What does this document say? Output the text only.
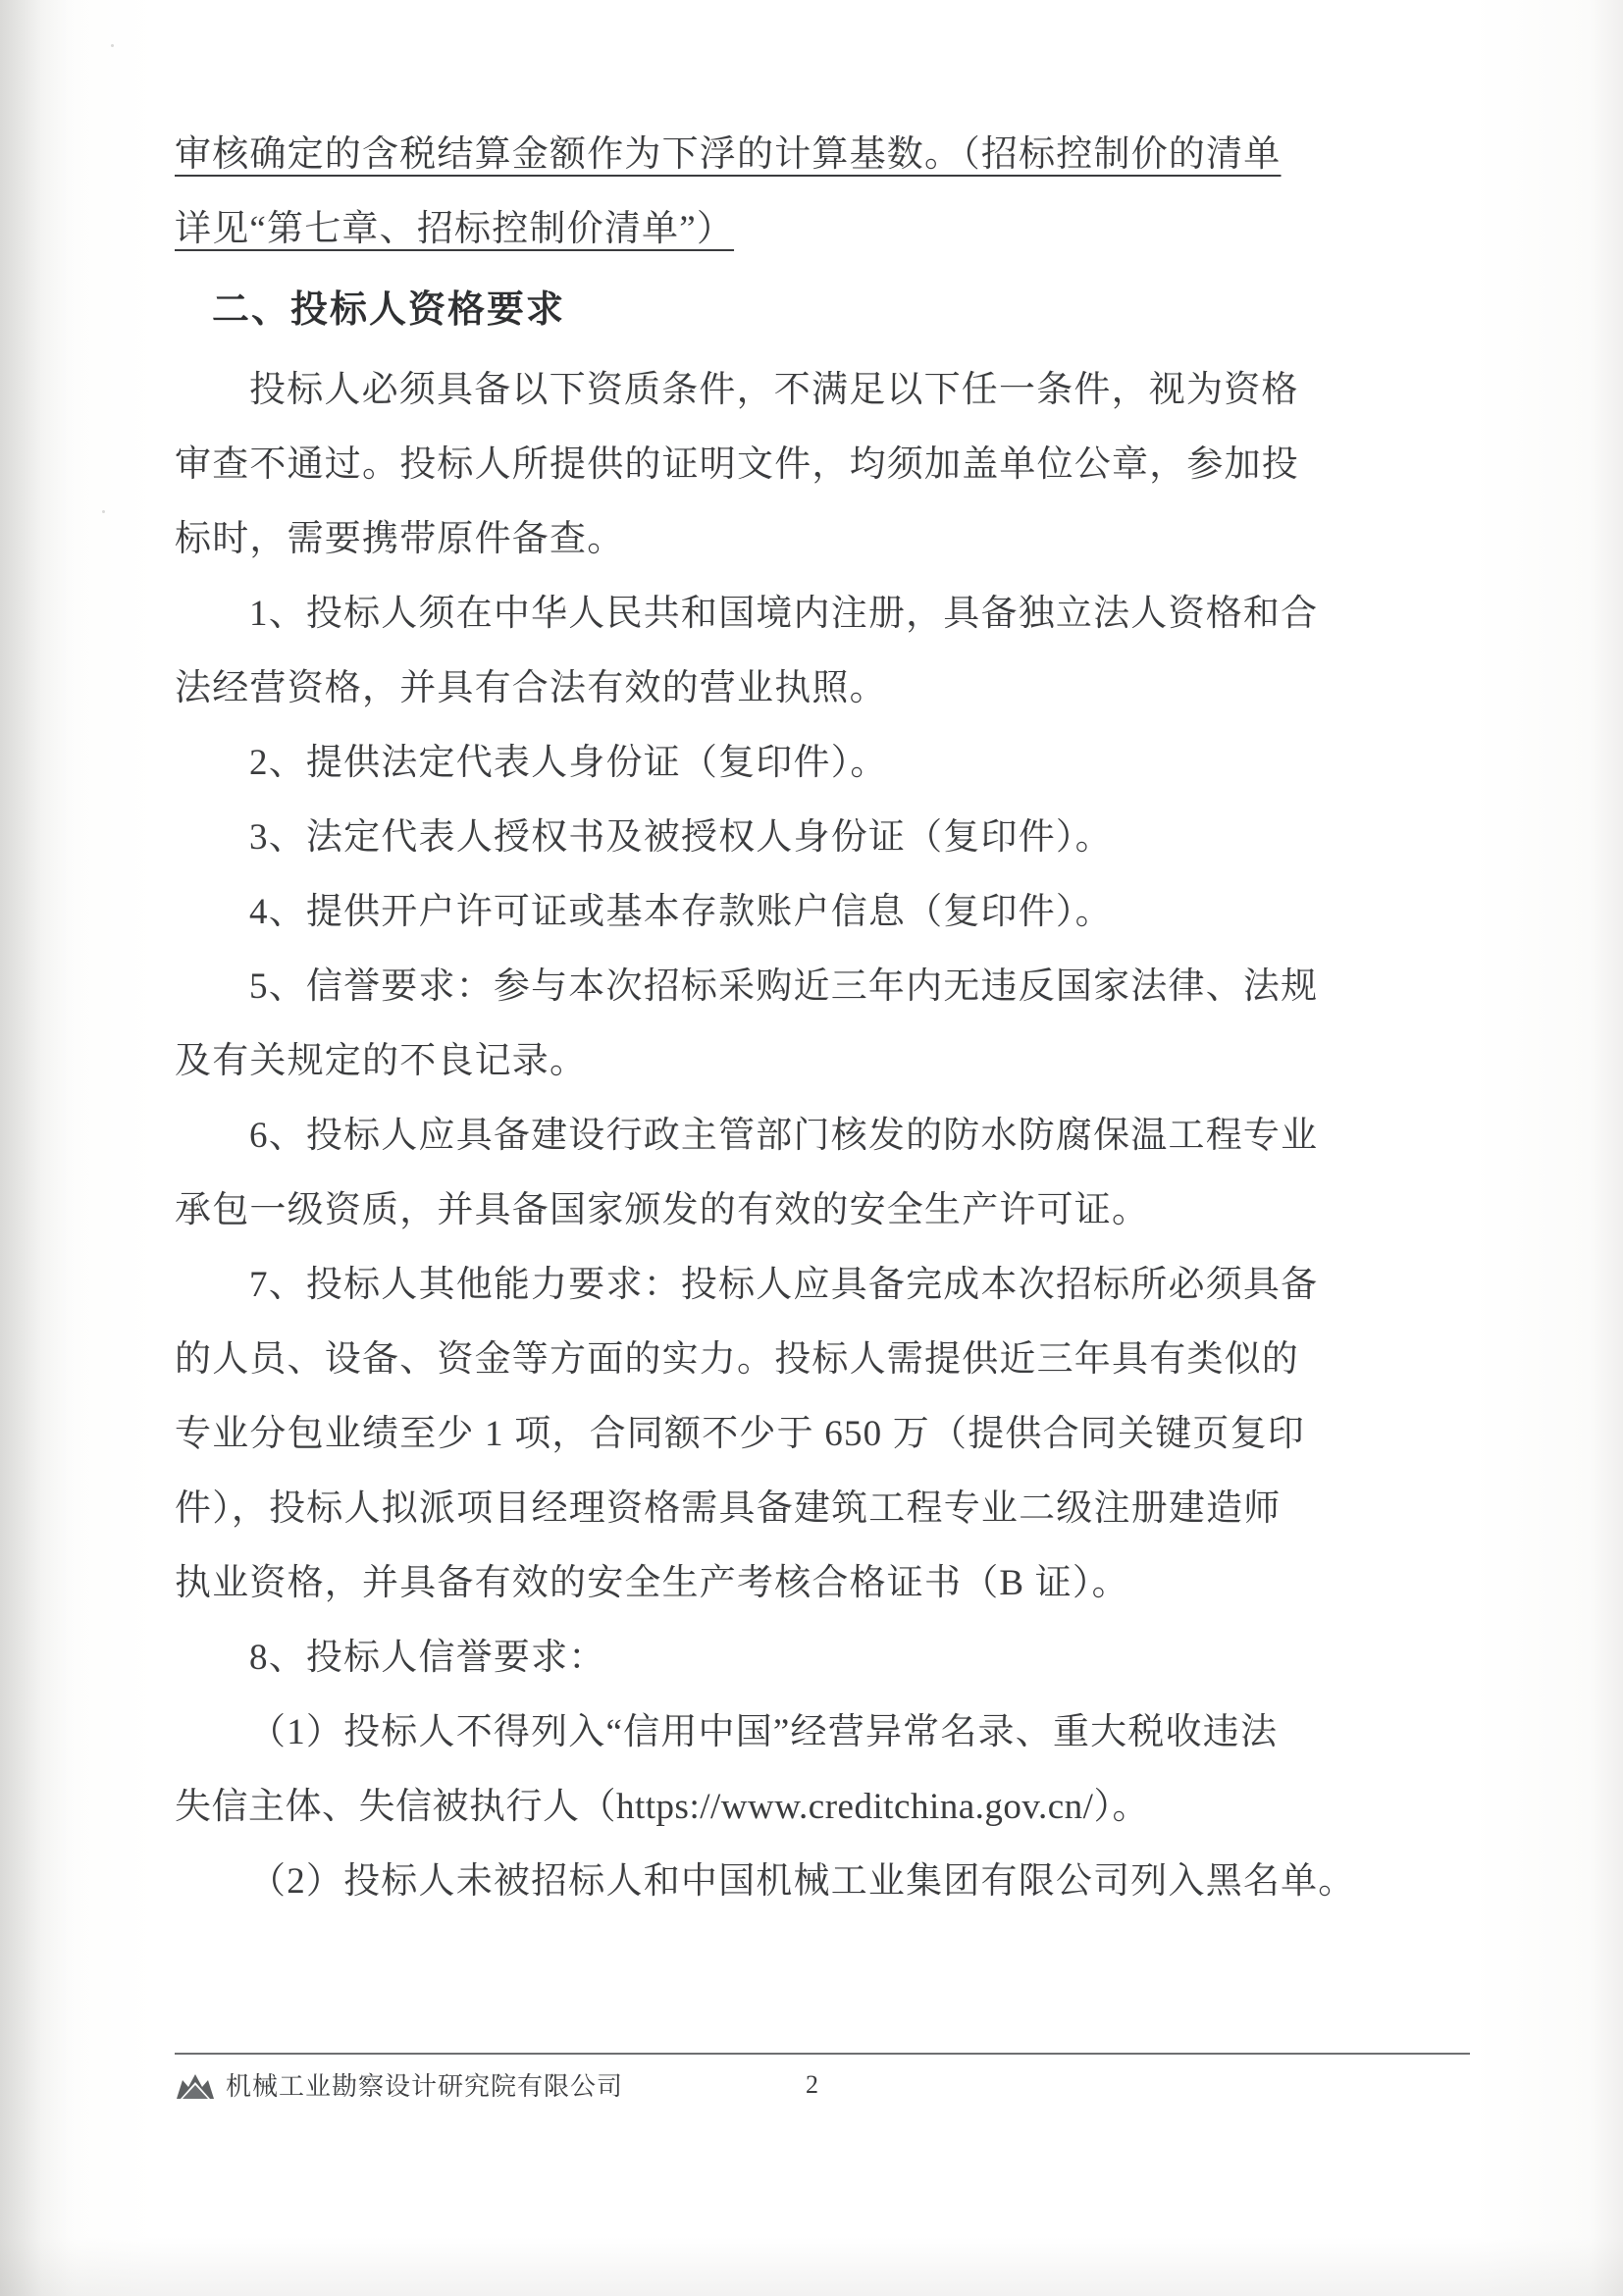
审核确定的含税结算金额作为下浮的计算基数。（招标控制价的清单
详见“第七章、招标控制价清单”）
二、投标人资格要求
投标人必须具备以下资质条件，不满足以下任一条件，视为资格
审查不通过。投标人所提供的证明文件，均须加盖单位公章，参加投
标时，需要携带原件备查。
1、投标人须在中华人民共和国境内注册，具备独立法人资格和合
法经营资格，并具有合法有效的营业执照。
2、提供法定代表人身份证（复印件）。
3、法定代表人授权书及被授权人身份证（复印件）。
4、提供开户许可证或基本存款账户信息（复印件）。
5、信誉要求：参与本次招标采购近三年内无违反国家法律、法规
及有关规定的不良记录。
6、投标人应具备建设行政主管部门核发的防水防腐保温工程专业
承包一级资质，并具备国家颁发的有效的安全生产许可证。
7、投标人其他能力要求：投标人应具备完成本次招标所必须具备
的人员、设备、资金等方面的实力。投标人需提供近三年具有类似的
专业分包业绩至少 1 项，合同额不少于 650 万（提供合同关键页复印
件），投标人拟派项目经理资格需具备建筑工程专业二级注册建造师
执业资格，并具备有效的安全生产考核合格证书（B 证）。
8、投标人信誉要求：
（1）投标人不得列入“信用中国”经营异常名录、重大税收违法
失信主体、失信被执行人（https://www.creditchina.gov.cn/）。
（2）投标人未被招标人和中国机械工业集团有限公司列入黑名单。
机械工业勘察设计研究院有限公司	2
